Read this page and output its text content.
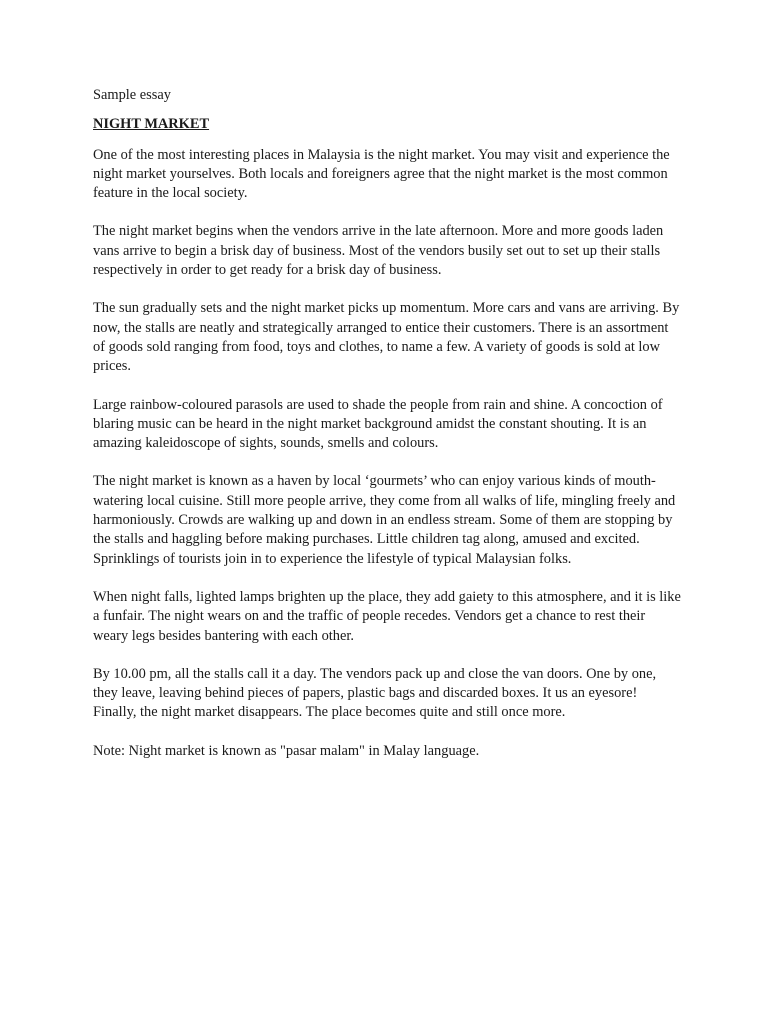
Sample essay

NIGHT MARKET

One of the most interesting places in Malaysia is the night market. You may visit and experience the night market yourselves. Both locals and foreigners agree that the night market is the most common feature in the local society.

The night market begins when the vendors arrive in the late afternoon. More and more goods laden vans arrive to begin a brisk day of business. Most of the vendors busily set out to set up their stalls respectively in order to get ready for a brisk day of business.

The sun gradually sets and the night market picks up momentum. More cars and vans are arriving. By now, the stalls are neatly and strategically arranged to entice their customers. There is an assortment of goods sold ranging from food, toys and clothes, to name a few. A variety of goods is sold at low prices.

Large rainbow-coloured parasols are used to shade the people from rain and shine. A concoction of blaring music can be heard in the night market background amidst the constant shouting. It is an amazing kaleidoscope of sights, sounds, smells and colours.

The night market is known as a haven by local ‘gourmets’ who can enjoy various kinds of mouth-watering local cuisine. Still more people arrive, they come from all walks of life, mingling freely and harmoniously. Crowds are walking up and down in an endless stream. Some of them are stopping by the stalls and haggling before making purchases. Little children tag along, amused and excited. Sprinklings of tourists join in to experience the lifestyle of typical Malaysian folks.

When night falls, lighted lamps brighten up the place, they add gaiety to this atmosphere, and it is like a funfair. The night wears on and the traffic of people recedes. Vendors get a chance to rest their weary legs besides bantering with each other.

By 10.00 pm, all the stalls call it a day. The vendors pack up and close the van doors. One by one, they leave, leaving behind pieces of papers, plastic bags and discarded boxes. It us an eyesore! Finally, the night market disappears. The place becomes quite and still once more.

Note: Night market is known as "pasar malam" in Malay language.
